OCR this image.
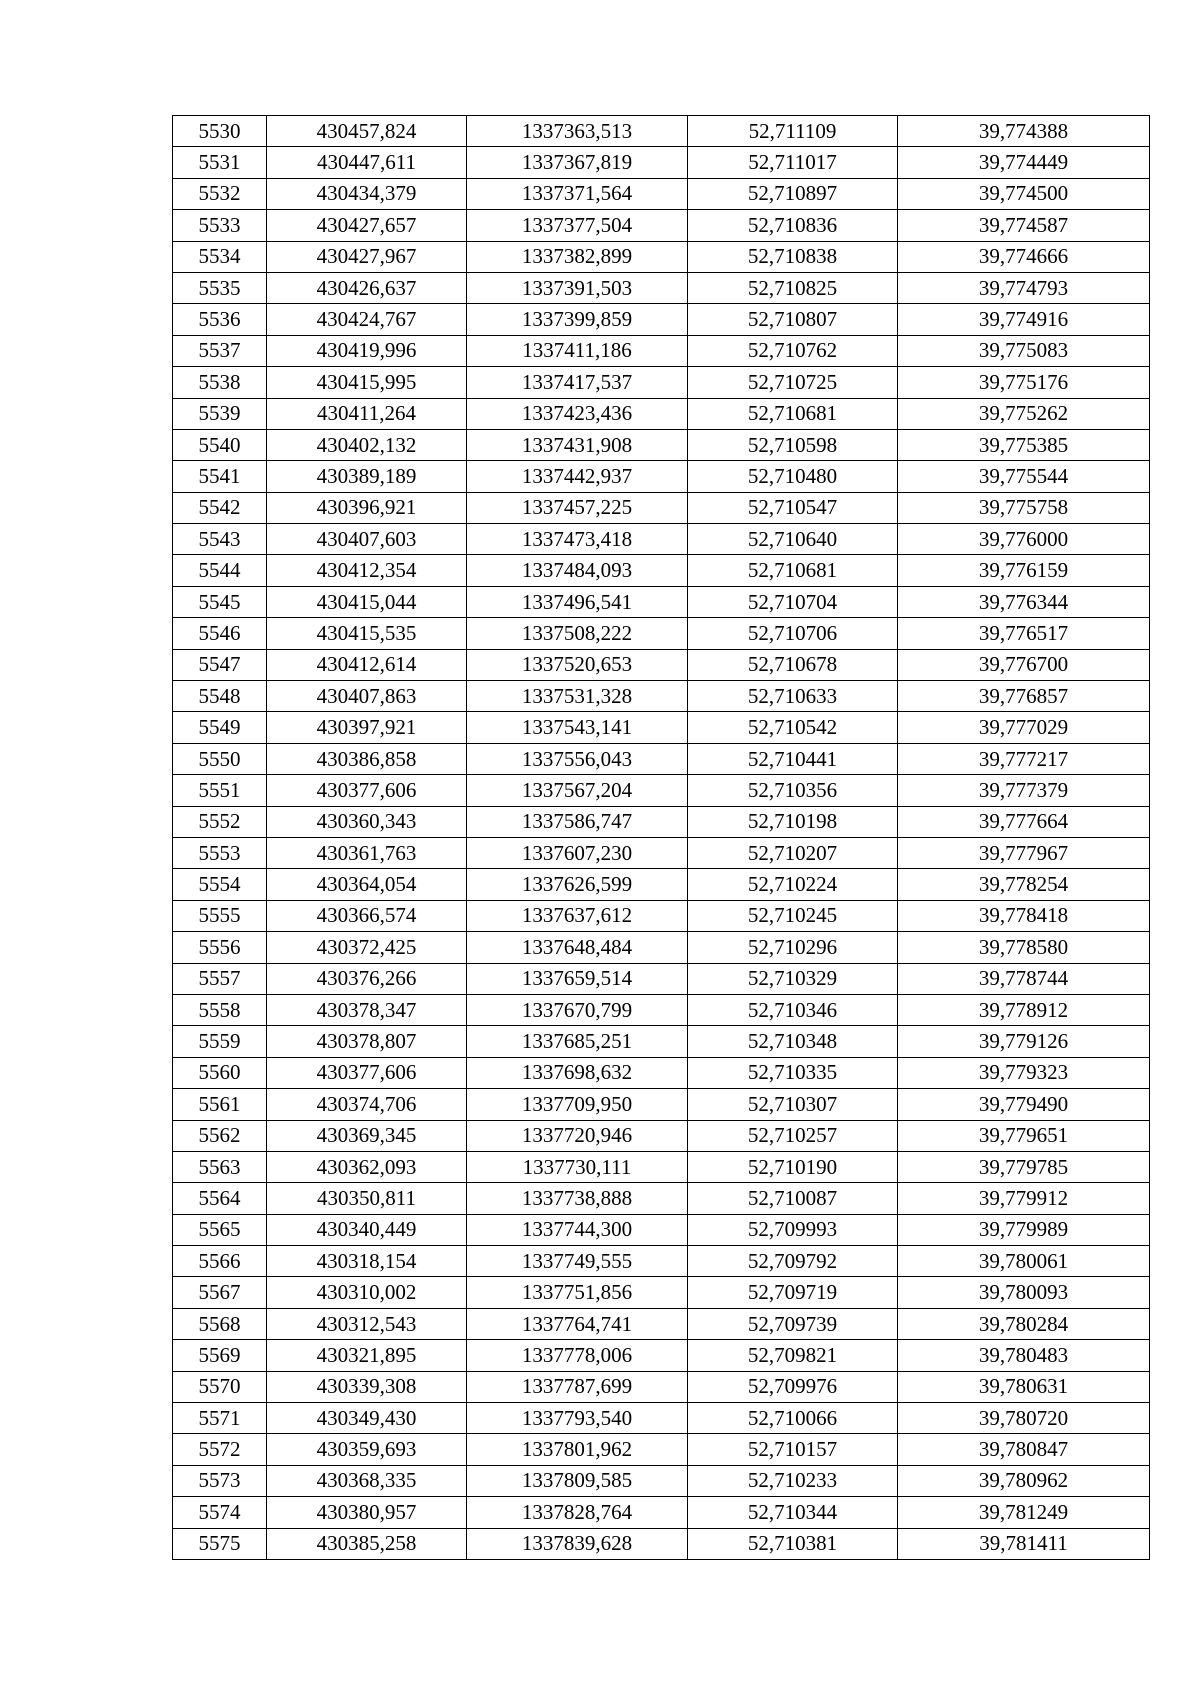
5530	430457,824	1337363,513	52,711109	39,774388
5531	430447,611	1337367,819	52,711017	39,774449
5532	430434,379	1337371,564	52,710897	39,774500
5533	430427,657	1337377,504	52,710836	39,774587
5534	430427,967	1337382,899	52,710838	39,774666
5535	430426,637	1337391,503	52,710825	39,774793
5536	430424,767	1337399,859	52,710807	39,774916
5537	430419,996	1337411,186	52,710762	39,775083
5538	430415,995	1337417,537	52,710725	39,775176
5539	430411,264	1337423,436	52,710681	39,775262
5540	430402,132	1337431,908	52,710598	39,775385
5541	430389,189	1337442,937	52,710480	39,775544
5542	430396,921	1337457,225	52,710547	39,775758
5543	430407,603	1337473,418	52,710640	39,776000
5544	430412,354	1337484,093	52,710681	39,776159
5545	430415,044	1337496,541	52,710704	39,776344
5546	430415,535	1337508,222	52,710706	39,776517
5547	430412,614	1337520,653	52,710678	39,776700
5548	430407,863	1337531,328	52,710633	39,776857
5549	430397,921	1337543,141	52,710542	39,777029
5550	430386,858	1337556,043	52,710441	39,777217
5551	430377,606	1337567,204	52,710356	39,777379
5552	430360,343	1337586,747	52,710198	39,777664
5553	430361,763	1337607,230	52,710207	39,777967
5554	430364,054	1337626,599	52,710224	39,778254
5555	430366,574	1337637,612	52,710245	39,778418
5556	430372,425	1337648,484	52,710296	39,778580
5557	430376,266	1337659,514	52,710329	39,778744
5558	430378,347	1337670,799	52,710346	39,778912
5559	430378,807	1337685,251	52,710348	39,779126
5560	430377,606	1337698,632	52,710335	39,779323
5561	430374,706	1337709,950	52,710307	39,779490
5562	430369,345	1337720,946	52,710257	39,779651
5563	430362,093	1337730,111	52,710190	39,779785
5564	430350,811	1337738,888	52,710087	39,779912
5565	430340,449	1337744,300	52,709993	39,779989
5566	430318,154	1337749,555	52,709792	39,780061
5567	430310,002	1337751,856	52,709719	39,780093
5568	430312,543	1337764,741	52,709739	39,780284
5569	430321,895	1337778,006	52,709821	39,780483
5570	430339,308	1337787,699	52,709976	39,780631
5571	430349,430	1337793,540	52,710066	39,780720
5572	430359,693	1337801,962	52,710157	39,780847
5573	430368,335	1337809,585	52,710233	39,780962
5574	430380,957	1337828,764	52,710344	39,781249
5575	430385,258	1337839,628	52,710381	39,781411
